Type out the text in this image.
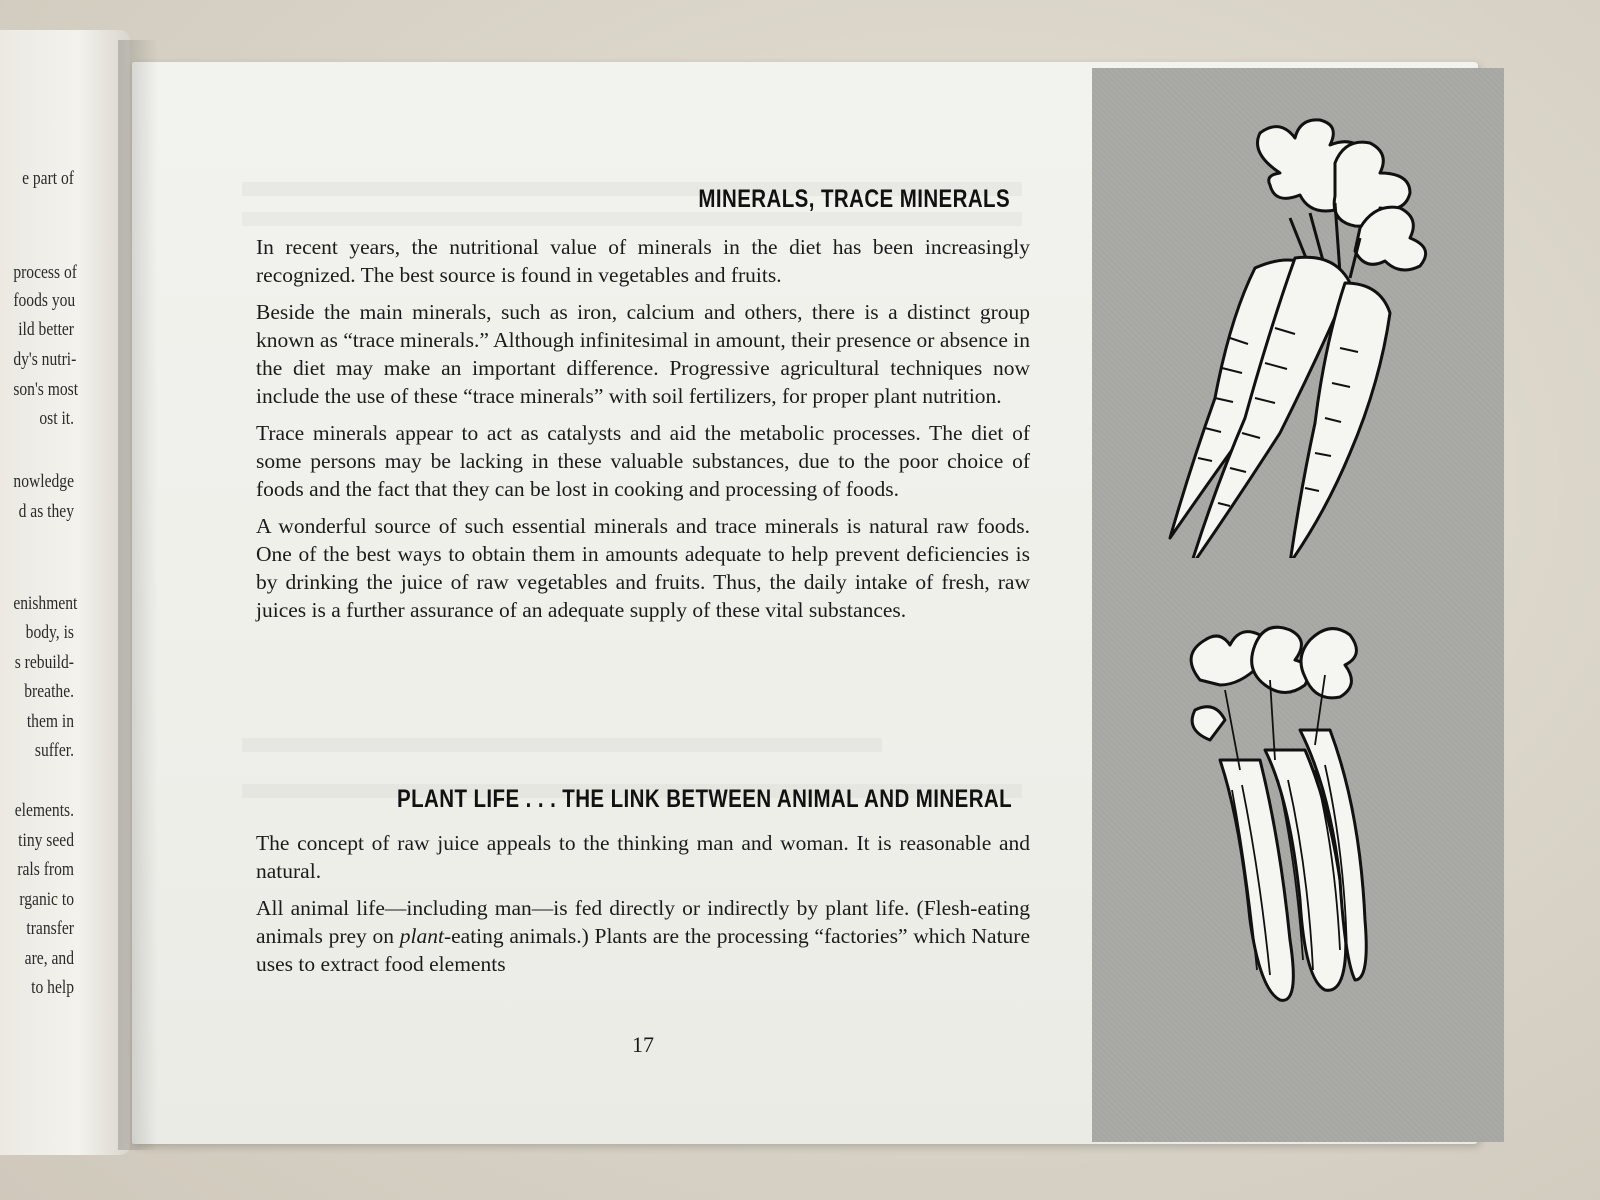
e part of
process of
foods you
ild better
dy's nutri-
son's most
ost it.
nowledge
d as they
enishment
body, is
s rebuild-
breathe.
them in
suffer.
elements.
tiny seed
rals from
rganic to
transfer
are, and
to help
MINERALS, TRACE MINERALS

In recent years, the nutritional value of minerals in the diet has been increasingly recognized. The best source is found in vegetables and fruits.

Beside the main minerals, such as iron, calcium and others, there is a distinct group known as “trace minerals.” Although infinitesimal in amount, their presence or absence in the diet may make an important difference. Progressive agricultural techniques now include the use of these “trace minerals” with soil fertilizers, for proper plant nutrition.

Trace minerals appear to act as catalysts and aid the metabolic processes. The diet of some persons may be lacking in these valuable substances, due to the poor choice of foods and the fact that they can be lost in cooking and processing of foods.

A wonderful source of such essential minerals and trace minerals is natural raw foods. One of the best ways to obtain them in amounts adequate to help prevent deficiencies is by drinking the juice of raw vegetables and fruits. Thus, the daily intake of fresh, raw juices is a further assurance of an adequate supply of these vital substances.

PLANT LIFE . . . THE LINK BETWEEN ANIMAL AND MINERAL

The concept of raw juice appeals to the thinking man and woman. It is reasonable and natural.

All animal life—including man—is fed directly or indirectly by plant life. (Flesh-eating animals prey on plant-eating animals.) Plants are the processing “factories” which Nature uses to extract food elements

17
